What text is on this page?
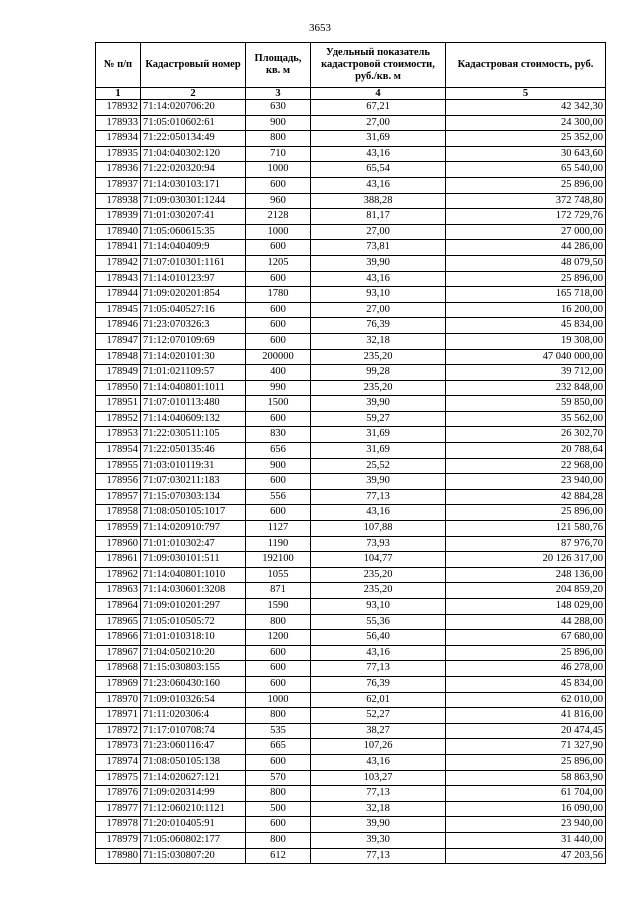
3653
№ п/п	Кадастровый номер	Площадь, кв. м	Удельный показатель кадастровой стоимости, руб./кв. м	Кадастровая стоимость, руб.
1	2	3	4	5
178932	71:14:020706:20	630	67,21	42 342,30
178933	71:05:010602:61	900	27,00	24 300,00
178934	71:22:050134:49	800	31,69	25 352,00
178935	71:04:040302:120	710	43,16	30 643,60
178936	71:22:020320:94	1000	65,54	65 540,00
178937	71:14:030103:171	600	43,16	25 896,00
178938	71:09:030301:1244	960	388,28	372 748,80
178939	71:01:030207:41	2128	81,17	172 729,76
178940	71:05:060615:35	1000	27,00	27 000,00
178941	71:14:040409:9	600	73,81	44 286,00
178942	71:07:010301:1161	1205	39,90	48 079,50
178943	71:14:010123:97	600	43,16	25 896,00
178944	71:09:020201:854	1780	93,10	165 718,00
178945	71:05:040527:16	600	27,00	16 200,00
178946	71:23:070326:3	600	76,39	45 834,00
178947	71:12:070109:69	600	32,18	19 308,00
178948	71:14:020101:30	200000	235,20	47 040 000,00
178949	71:01:021109:57	400	99,28	39 712,00
178950	71:14:040801:1011	990	235,20	232 848,00
178951	71:07:010113:480	1500	39,90	59 850,00
178952	71:14:040609:132	600	59,27	35 562,00
178953	71:22:030511:105	830	31,69	26 302,70
178954	71:22:050135:46	656	31,69	20 788,64
178955	71:03:010119:31	900	25,52	22 968,00
178956	71:07:030211:183	600	39,90	23 940,00
178957	71:15:070303:134	556	77,13	42 884,28
178958	71:08:050105:1017	600	43,16	25 896,00
178959	71:14:020910:797	1127	107,88	121 580,76
178960	71:01:010302:47	1190	73,93	87 976,70
178961	71:09:030101:511	192100	104,77	20 126 317,00
178962	71:14:040801:1010	1055	235,20	248 136,00
178963	71:14:030601:3208	871	235,20	204 859,20
178964	71:09:010201:297	1590	93,10	148 029,00
178965	71:05:010505:72	800	55,36	44 288,00
178966	71:01:010318:10	1200	56,40	67 680,00
178967	71:04:050210:20	600	43,16	25 896,00
178968	71:15:030803:155	600	77,13	46 278,00
178969	71:23:060430:160	600	76,39	45 834,00
178970	71:09:010326:54	1000	62,01	62 010,00
178971	71:11:020306:4	800	52,27	41 816,00
178972	71:17:010708:74	535	38,27	20 474,45
178973	71:23:060116:47	665	107,26	71 327,90
178974	71:08:050105:138	600	43,16	25 896,00
178975	71:14:020627:121	570	103,27	58 863,90
178976	71:09:020314:99	800	77,13	61 704,00
178977	71:12:060210:1121	500	32,18	16 090,00
178978	71:20:010405:91	600	39,90	23 940,00
178979	71:05:060802:177	800	39,30	31 440,00
178980	71:15:030807:20	612	77,13	47 203,56
